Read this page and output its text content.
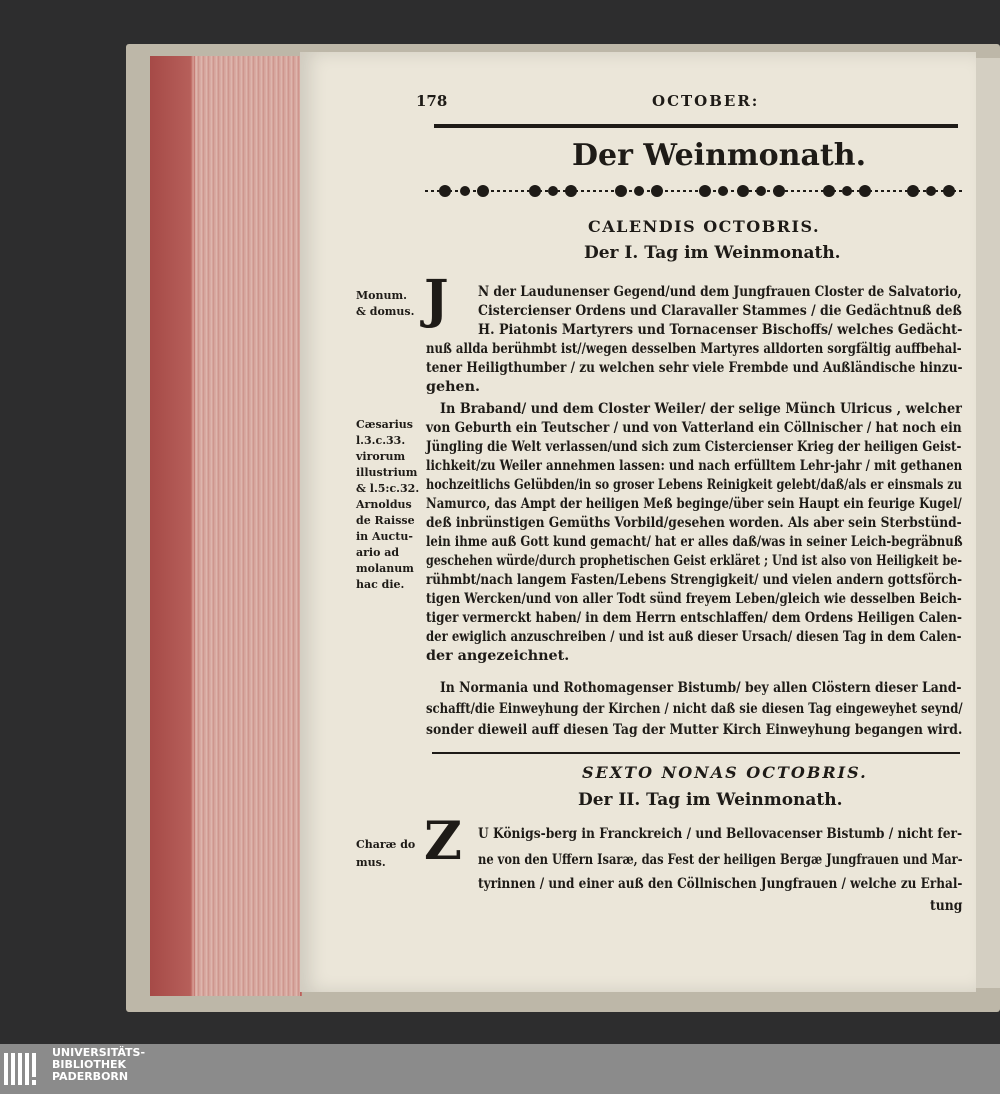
178	OCTOBER:
Der Weinmonath.
CALENDIS OCTOBRIS.
Der I. Tag im Weinmonath.
J N der Laudunenser Gegend/und dem Jungfrauen Closter de Salvatorio,
Cistercienser Ordens und Claravaller Stammes / die Gedächtnuß deß
H. Piatonis Martyrers und Tornacenser Bischoffs/ welches Gedächt-
nuß allda berühmbt ist//wegen desselben Martyres alldorten sorgfältig auffbehal-
tener Heiligthumber / zu welchen sehr viele Frembde und Außländische hinzu-
gehen.
In Braband/ und dem Closter Weiler/ der selige Münch Ulricus , welcher
von Geburth ein Teutscher / und von Vatterland ein Cöllnischer / hat noch ein
Jüngling die Welt verlassen/und sich zum Cistercienser Krieg der heiligen Geist-
lichkeit/zu Weiler annehmen lassen: und nach erfülltem Lehr-jahr / mit gethanen
hochzeitlichs Gelübden/in so groser Lebens Reinigkeit gelebt/daß/als er einsmals zu
Namurco, das Ampt der heiligen Meß beginge/über sein Haupt ein feurige Kugel/
deß inbrünstigen Gemüths Vorbild/gesehen worden. Als aber sein Sterbstünd-
lein ihme auß Gott kund gemacht/ hat er alles daß/was in seiner Leich-begräbnuß
geschehen würde/durch prophetischen Geist erkläret ; Und ist also von Heiligkeit be-
rühmbt/nach langem Fasten/Lebens Strengigkeit/ und vielen andern gottsförch-
tigen Wercken/und von aller Todt sünd freyem Leben/gleich wie desselben Beich-
tiger vermerckt haben/ in dem Herrn entschlaffen/ dem Ordens Heiligen Calen-
der ewiglich anzuschreiben / und ist auß dieser Ursach/ diesen Tag in dem Calen-
der angezeichnet.
In Normania und Rothomagenser Bistumb/ bey allen Clöstern dieser Land-
schafft/die Einweyhung der Kirchen / nicht daß sie diesen Tag eingeweyhet seynd/
sonder dieweil auff diesen Tag der Mutter Kirch Einweyhung begangen wird.
SEXTO NONAS OCTOBRIS.
Der II. Tag im Weinmonath.
Z U Königs-berg in Franckreich / und Bellovacenser Bistumb / nicht fer-
ne von den Uffern Isaræ, das Fest der heiligen Bergæ Jungfrauen und Mar-
tyrinnen / und einer auß den Cöllnischen Jungfrauen / welche zu Erhal-
tung
Monum.
& domus.
Cæsarius
l.3.c.33.
virorum
illustrium
& l.5:c.32.
Arnoldus
de Raisse
in Auctu-
ario ad
molanum
hac die.
Charæ do
mus.
UNIVERSITÄTS-
BIBLIOTHEK
PADERBORN
